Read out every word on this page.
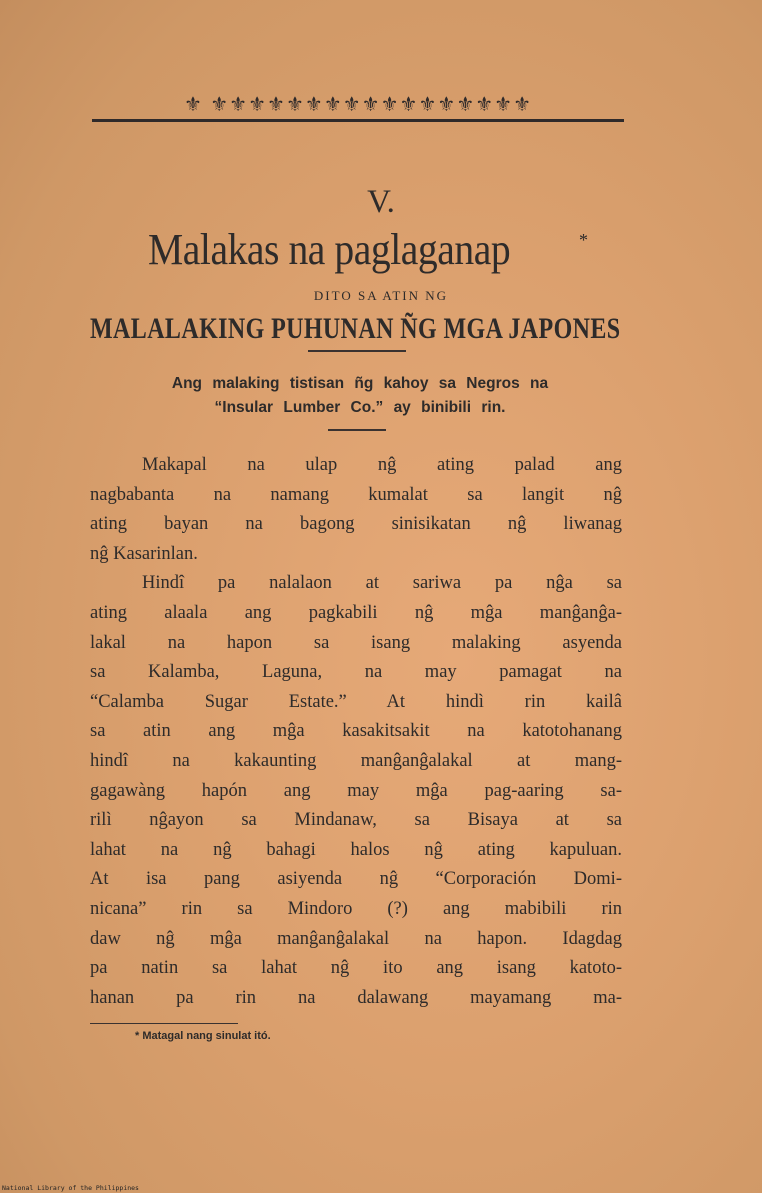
⚜ ⚜⚜⚜⚜⚜⚜⚜⚜⚜⚜⚜⚜⚜⚜⚜⚜⚜
V.
Malakas na paglaganap	*
DITO SA ATIN NG
MALALAKING PUHUNAN ÑG MGA JAPONES
Ang malaking tistisan ñg kahoy sa Negros na
“Insular Lumber Co.” ay binibili rin.
Makapal na ulap nĝ ating palad ang
nagbabanta na namang kumalat sa langit nĝ
ating bayan na bagong sinisikatan nĝ liwanag
nĝ Kasarinlan.
Hindî pa nalalaon at sariwa pa nĝa sa
ating alaala ang pagkabili nĝ mĝa manĝanĝa-
lakal na hapon sa isang malaking asyenda
sa Kalamba, Laguna, na may pamagat na
“Calamba Sugar Estate.” At hindì rin kailâ
sa atin ang mĝa kasakitsakit na katotohanang
hindî na kakaunting manĝanĝalakal at mang-
gagawàng hapón ang may mĝa pag-aaring sa-
rilì nĝayon sa Mindanaw, sa Bisaya at sa
lahat na nĝ bahagi halos nĝ ating kapuluan.
At isa pang asiyenda nĝ “Corporación Domi-
nicana” rin sa Mindoro (?) ang mabibili rin
daw nĝ mĝa manĝanĝalakal na hapon. Idagdag
pa natin sa lahat nĝ ito ang isang katoto-
hanan pa rin na dalawang mayamang ma-
* Matagal nang sinulat itó.
National Library of the Philippines
